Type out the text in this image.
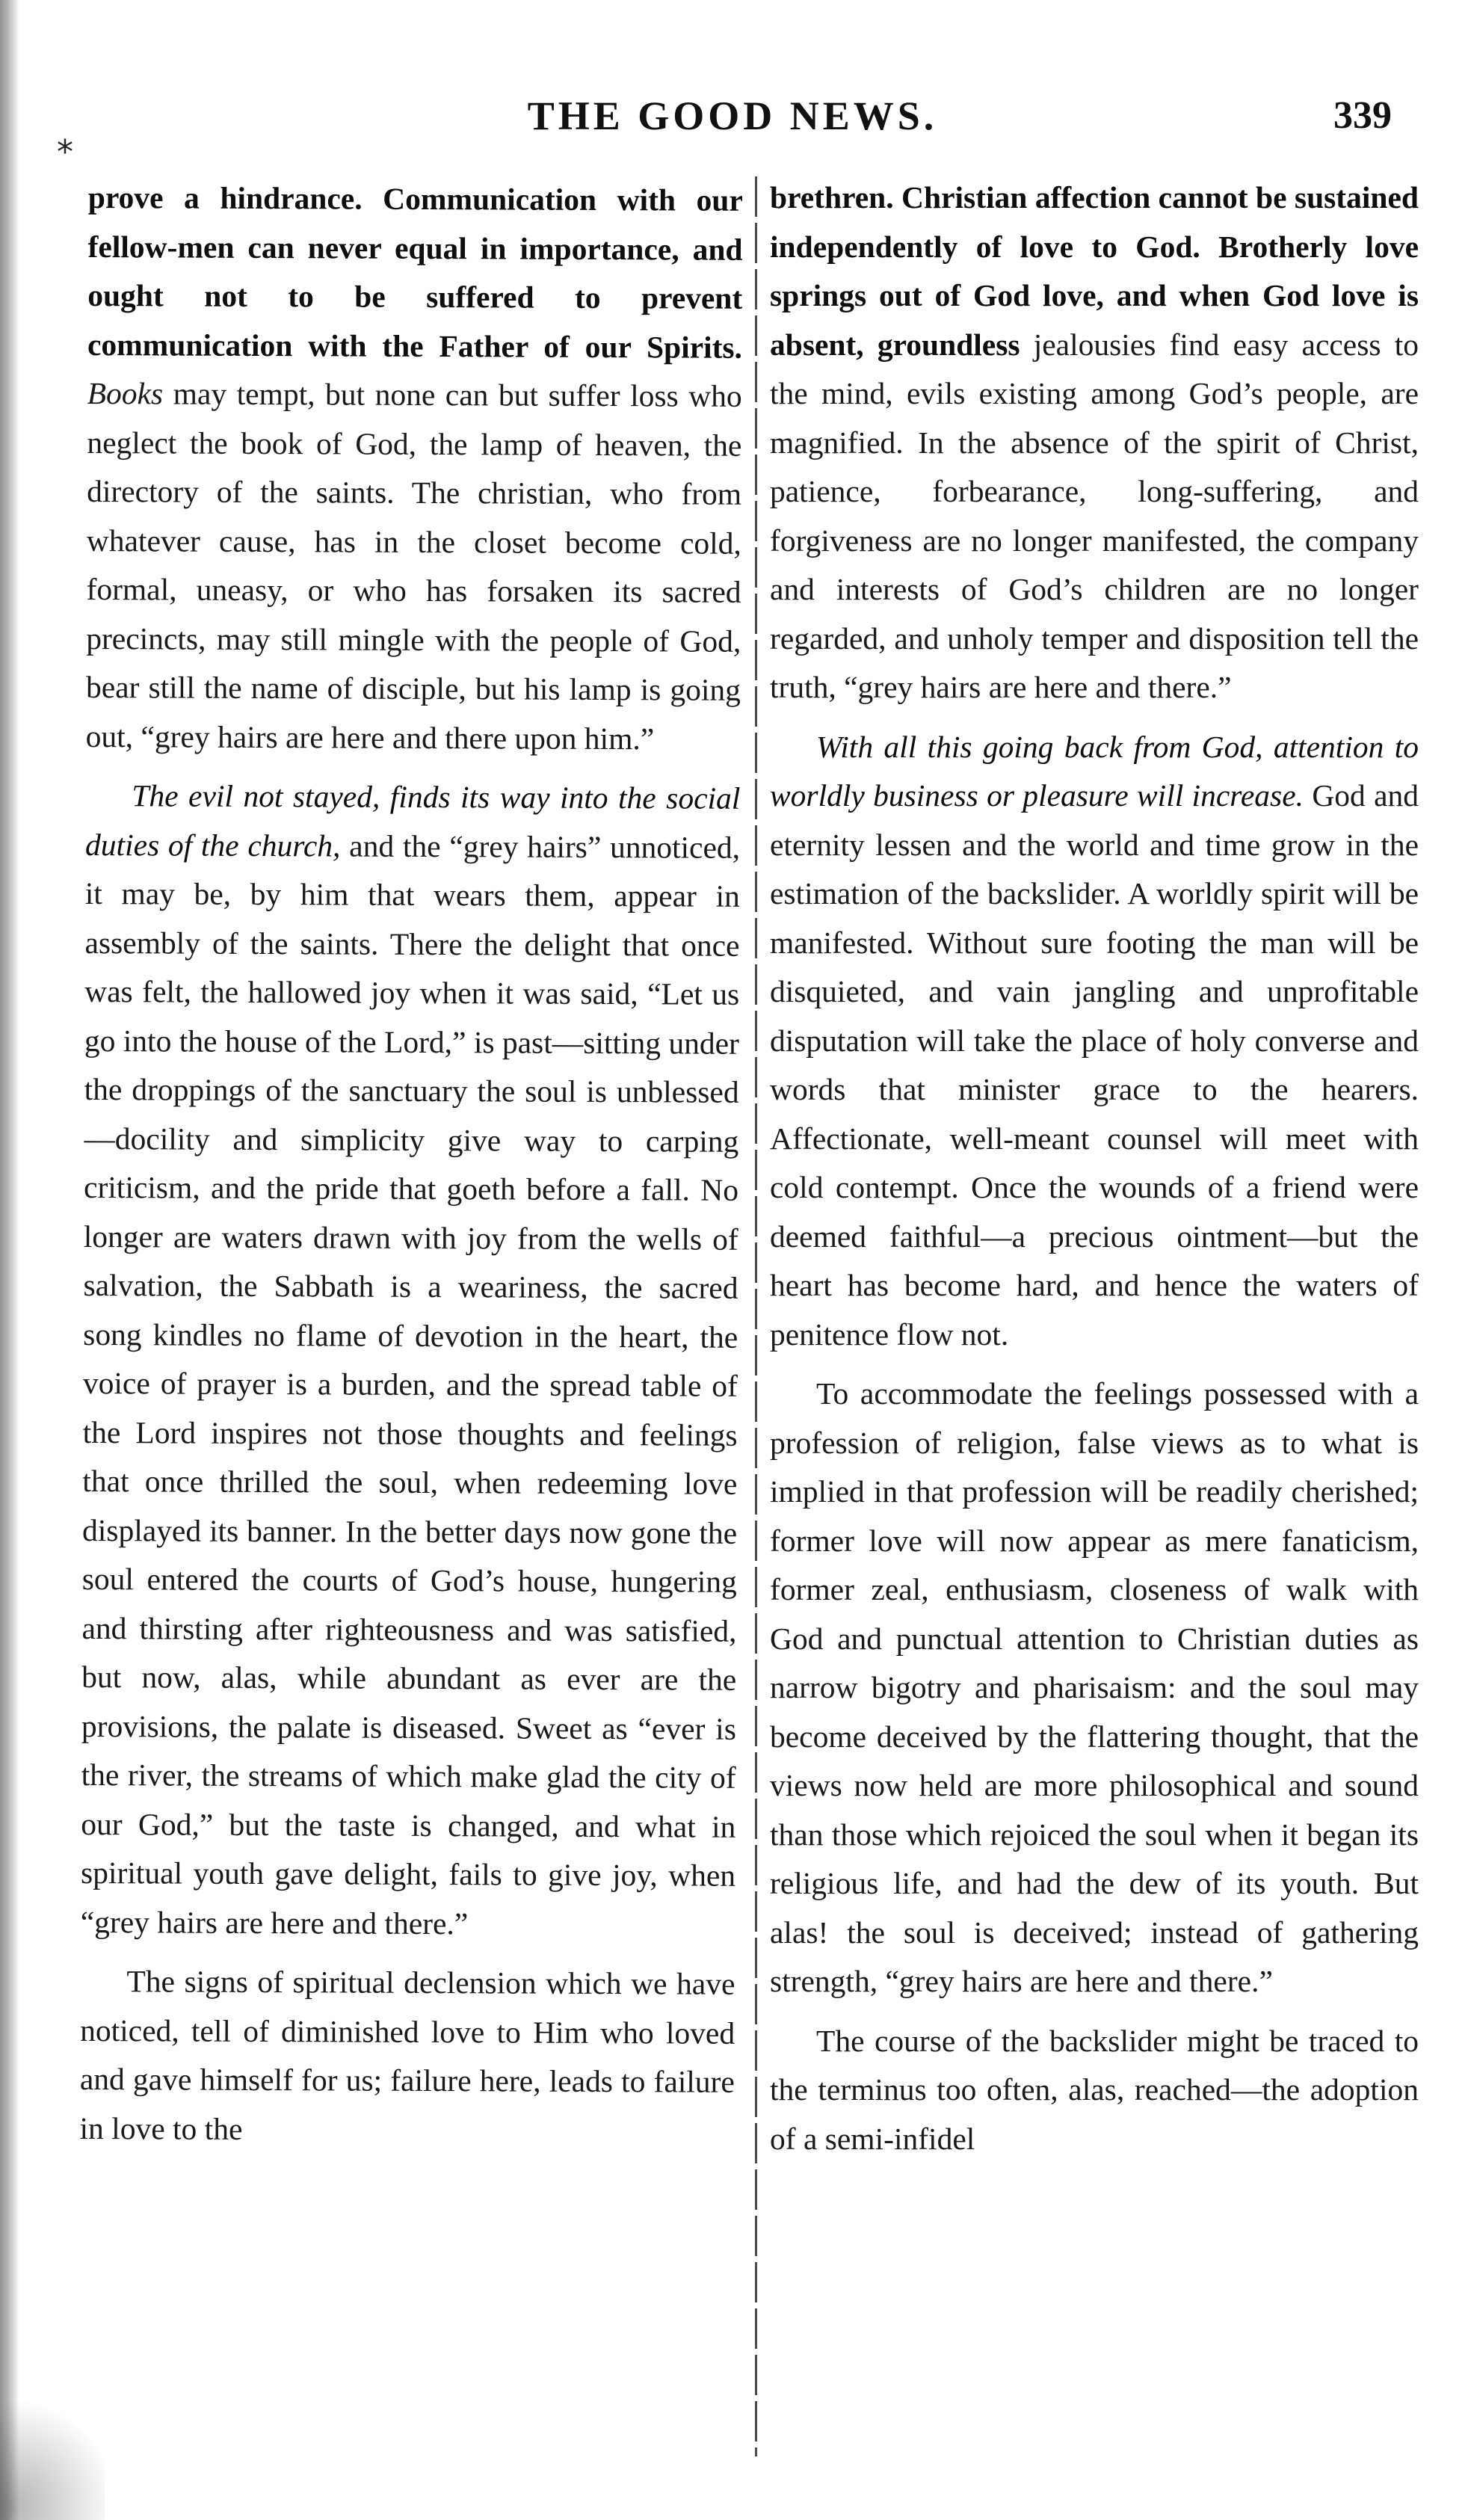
THE GOOD NEWS.	339
*

prove a hindrance. Communication with our fellow-men can never equal in importance, and ought not to be suffered to prevent communication with the Father of our Spirits. Books may tempt, but none can but suffer loss who neglect the book of God, the lamp of heaven, the directory of the saints. The christian, who from whatever cause, has in the closet become cold, formal, uneasy, or who has forsaken its sacred precincts, may still mingle with the people of God, bear still the name of disciple, but his lamp is going out, “grey hairs are here and there upon him.”

The evil not stayed, finds its way into the social duties of the church, and the “grey hairs” unnoticed, it may be, by him that wears them, appear in assembly of the saints. There the delight that once was felt, the hallowed joy when it was said, “Let us go into the house of the Lord,” is past—sitting under the droppings of the sanctuary the soul is unblessed—docility and simplicity give way to carping criticism, and the pride that goeth before a fall. No longer are waters drawn with joy from the wells of salvation, the Sabbath is a weariness, the sacred song kindles no flame of devotion in the heart, the voice of prayer is a burden, and the spread table of the Lord inspires not those thoughts and feelings that once thrilled the soul, when redeeming love displayed its banner. In the better days now gone the soul entered the courts of God’s house, hungering and thirsting after righteousness and was satisfied, but now, alas, while abundant as ever are the provisions, the palate is diseased. Sweet as “ever is the river, the streams of which make glad the city of our God,” but the taste is changed, and what in spiritual youth gave delight, fails to give joy, when “grey hairs are here and there.”

The signs of spiritual declension which we have noticed, tell of diminished love to Him who loved and gave himself for us; failure here, leads to failure in love to the

brethren. Christian affection cannot be sustained independently of love to God. Brotherly love springs out of God love, and when God love is absent, groundless jealousies find easy access to the mind, evils existing among God’s people, are magnified. In the absence of the spirit of Christ, patience, forbearance, long-suffering, and forgiveness are no longer manifested, the company and interests of God’s children are no longer regarded, and unholy temper and disposition tell the truth, “grey hairs are here and there.”

With all this going back from God, attention to worldly business or pleasure will increase. God and eternity lessen and the world and time grow in the estimation of the backslider. A worldly spirit will be manifested. Without sure footing the man will be disquieted, and vain jangling and unprofitable disputation will take the place of holy converse and words that minister grace to the hearers. Affectionate, well-meant counsel will meet with cold contempt. Once the wounds of a friend were deemed faithful—a precious ointment—but the heart has become hard, and hence the waters of penitence flow not.

To accommodate the feelings possessed with a profession of religion, false views as to what is implied in that profession will be readily cherished; former love will now appear as mere fanaticism, former zeal, enthusiasm, closeness of walk with God and punctual attention to Christian duties as narrow bigotry and pharisaism: and the soul may become deceived by the flattering thought, that the views now held are more philosophical and sound than those which rejoiced the soul when it began its religious life, and had the dew of its youth. But alas! the soul is deceived; instead of gathering strength, “grey hairs are here and there.”

The course of the backslider might be traced to the terminus too often, alas, reached—the adoption of a semi-infidel
